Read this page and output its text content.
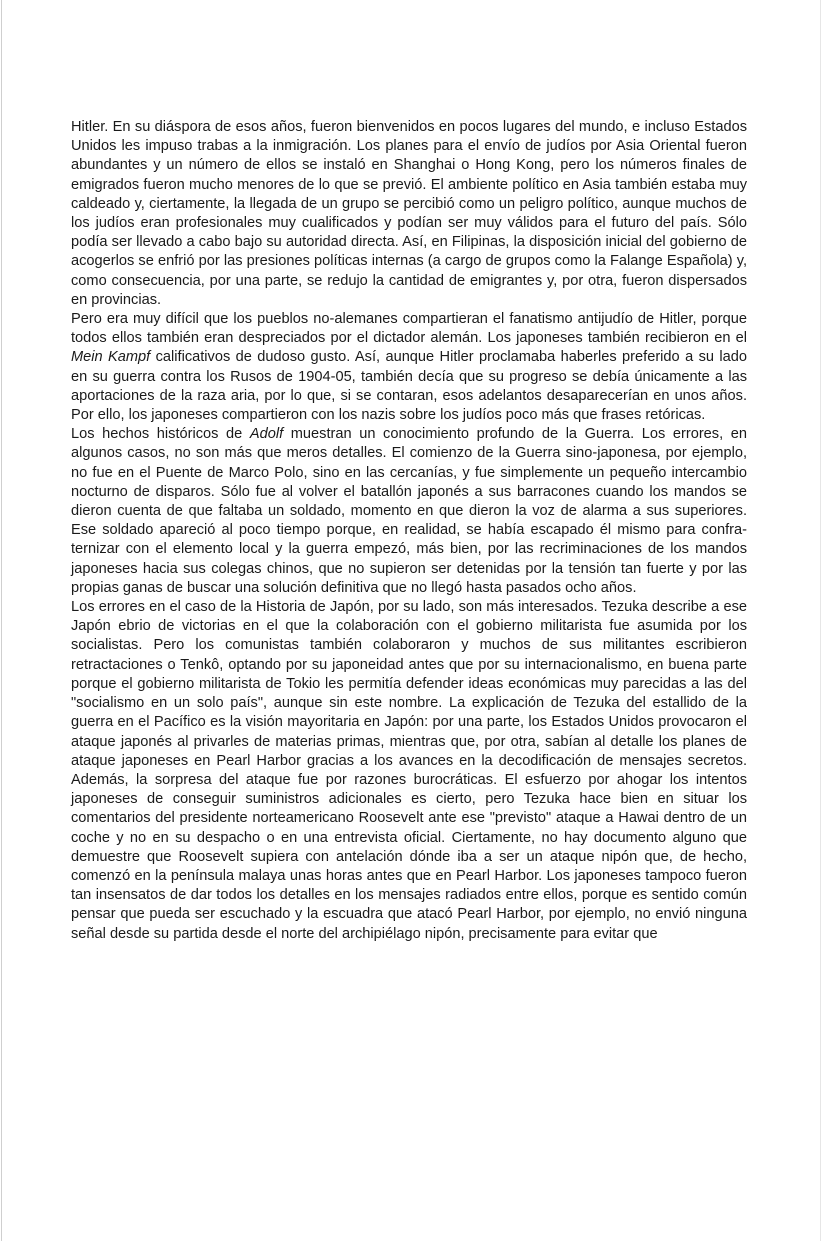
Hitler. En su diáspora de esos años, fueron bienvenidos en pocos lugares del mundo, e incluso Estados Unidos les impuso trabas a la inmigración. Los planes para el envío de judíos por Asia Oriental fueron abundantes y un número de ellos se instaló en Shanghai o Hong Kong, pero los números finales de emigrados fueron mucho menores de lo que se previó. El ambiente político en Asia también estaba muy caldeado y, ciertamente, la llegada de un grupo se percibió como un peligro político, aunque muchos de los judíos eran profesionales muy cualificados y podían ser muy válidos para el futuro del país. Sólo podía ser llevado a cabo bajo su autoridad directa. Así, en Filipinas, la disposición inicial del gobierno de acogerlos se enfrió por las presiones políticas internas (a cargo de grupos como la Falange Española) y, como consecuencia, por una parte, se redujo la cantidad de emigrantes y, por otra, fueron dispersados en provincias.

Pero era muy difícil que los pueblos no-alemanes compartieran el fanatismo antijudío de Hitler, porque todos ellos también eran despreciados por el dictador alemán. Los japoneses también recibieron en el Mein Kampf calificativos de dudoso gusto. Así, aunque Hitler proclamaba haberles preferido a su lado en su guerra contra los Rusos de 1904-05, también decía que su progreso se debía únicamente a las aportaciones de la raza aria, por lo que, si se contaran, esos adelantos desaparecerían en unos años. Por ello, los japoneses compartieron con los nazis sobre los judíos poco más que frases retóricas.

Los hechos históricos de Adolf muestran un conocimiento profundo de la Guerra. Los errores, en algunos casos, no son más que meros detalles. El comienzo de la Guerra sino-japonesa, por ejemplo, no fue en el Puente de Marco Polo, sino en las cercanías, y fue simplemente un pequeño intercambio nocturno de disparos. Sólo fue al volver el batallón japonés a sus barracones cuando los mandos se dieron cuenta de que faltaba un soldado, momento en que dieron la voz de alarma a sus superiores. Ese soldado apareció al poco tiempo porque, en realidad, se había escapado él mismo para confraternizar con el elemento local y la guerra empezó, más bien, por las recriminaciones de los mandos japoneses hacia sus colegas chinos, que no supieron ser detenidas por la tensión tan fuerte y por las propias ganas de buscar una solución definitiva que no llegó hasta pasados ocho años.

Los errores en el caso de la Historia de Japón, por su lado, son más interesados. Tezuka describe a ese Japón ebrio de victorias en el que la colaboración con el gobierno militarista fue asumida por los socialistas. Pero los comunistas también colaboraron y muchos de sus militantes escribieron retractaciones o Tenkô, optando por su japoneidad antes que por su internacionalismo, en buena parte porque el gobierno militarista de Tokio les permitía defender ideas económicas muy parecidas a las del "socialismo en un solo país", aunque sin este nombre. La explicación de Tezuka del estallido de la guerra en el Pacífico es la visión mayoritaria en Japón: por una parte, los Estados Unidos provocaron el ataque japonés al privarles de materias primas, mientras que, por otra, sabían al detalle los planes de ataque japoneses en Pearl Harbor gracias a los avances en la decodificación de mensajes secretos. Además, la sorpresa del ataque fue por razones burocráticas. El esfuerzo por ahogar los intentos japoneses de conseguir suministros adicionales es cierto, pero Tezuka hace bien en situar los comentarios del presidente norteamericano Roosevelt ante ese "previsto" ataque a Hawai dentro de un coche y no en su despacho o en una entrevista oficial. Ciertamente, no hay documento alguno que demuestre que Roosevelt supiera con antelación dónde iba a ser un ataque nipón que, de hecho, comenzó en la península malaya unas horas antes que en Pearl Harbor. Los japoneses tampoco fueron tan insensatos de dar todos los detalles en los mensajes radiados entre ellos, porque es sentido común pensar que pueda ser escuchado y la escuadra que atacó Pearl Harbor, por ejemplo, no envió ninguna señal desde su partida desde el norte del archipiélago nipón, precisamente para evitar que
